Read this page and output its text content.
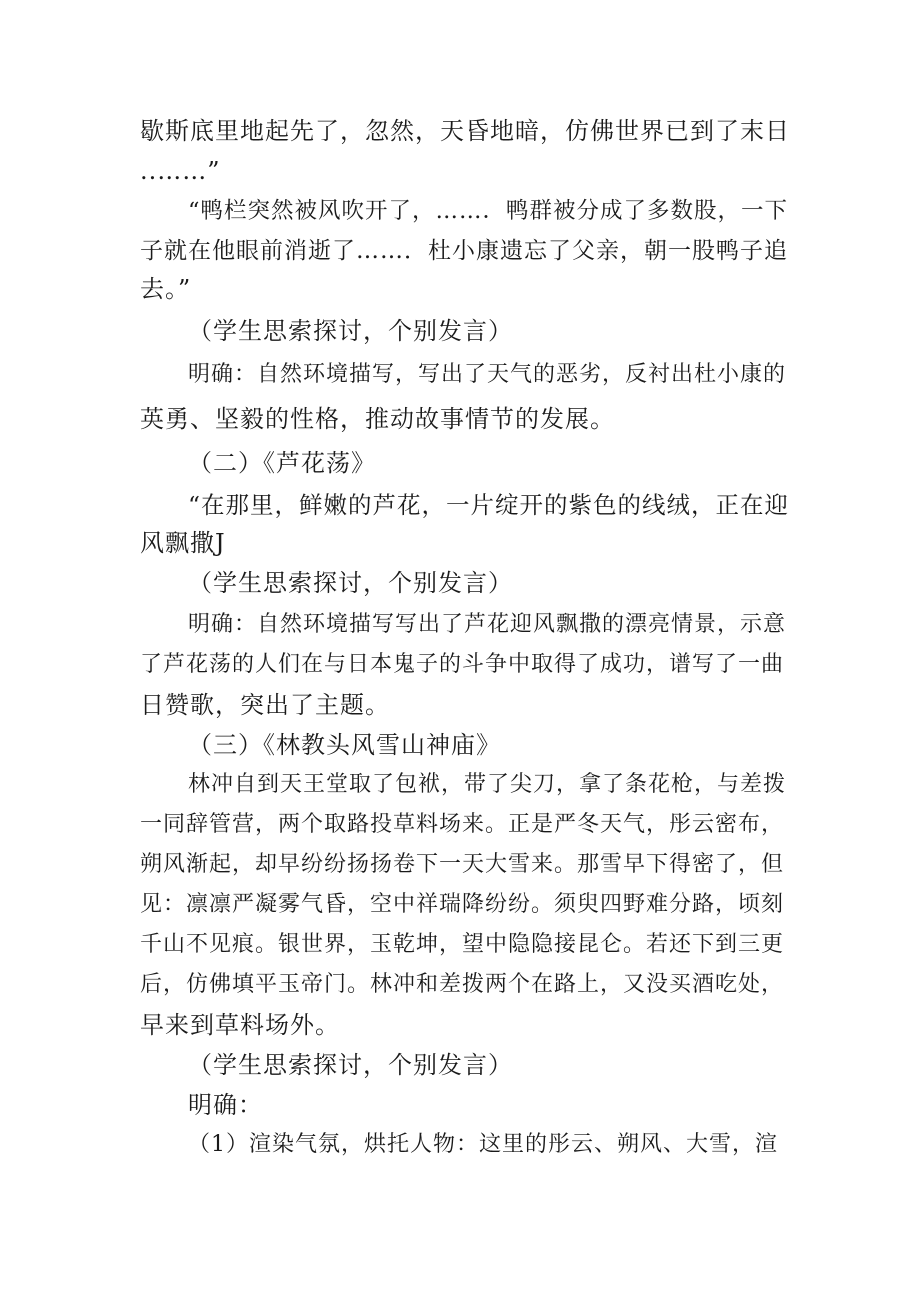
歇斯底里地起先了，忽然，天昏地暗，仿佛世界已到了末日
..……”
“鸭栏突然被风吹开了，……．鸭群被分成了多数股，一下
子就在他眼前消逝了……．杜小康遗忘了父亲，朝一股鸭子追
去。”
（学生思索探讨，个别发言）
明确：自然环境描写，写出了天气的恶劣，反衬出杜小康的
英勇、坚毅的性格，推动故事情节的发展。
（二）《芦花荡》
“在那里，鲜嫩的芦花，一片绽开的紫色的线绒，正在迎
风飘撒J
（学生思索探讨，个别发言）
明确：自然环境描写写出了芦花迎风飘撒的漂亮情景，示意
了芦花荡的人们在与日本鬼子的斗争中取得了成功，谱写了一曲
日赞歌，突出了主题。
（三）《林教头风雪山神庙》
林冲自到天王堂取了包袱，带了尖刀，拿了条花枪，与差拨
一同辞管营，两个取路投草料场来。正是严冬天气，彤云密布，
朔风渐起，却早纷纷扬扬卷下一天大雪来。那雪早下得密了，但
见：凛凛严凝雾气昏，空中祥瑞降纷纷。须臾四野难分路，顷刻
千山不见痕。银世界，玉乾坤，望中隐隐接昆仑。若还下到三更
后，仿佛填平玉帝门。林冲和差拨两个在路上，又没买酒吃处，
早来到草料场外。
（学生思索探讨，个别发言）
明确：
（1）渲染气氛，烘托人物：这里的彤云、朔风、大雪，渲
